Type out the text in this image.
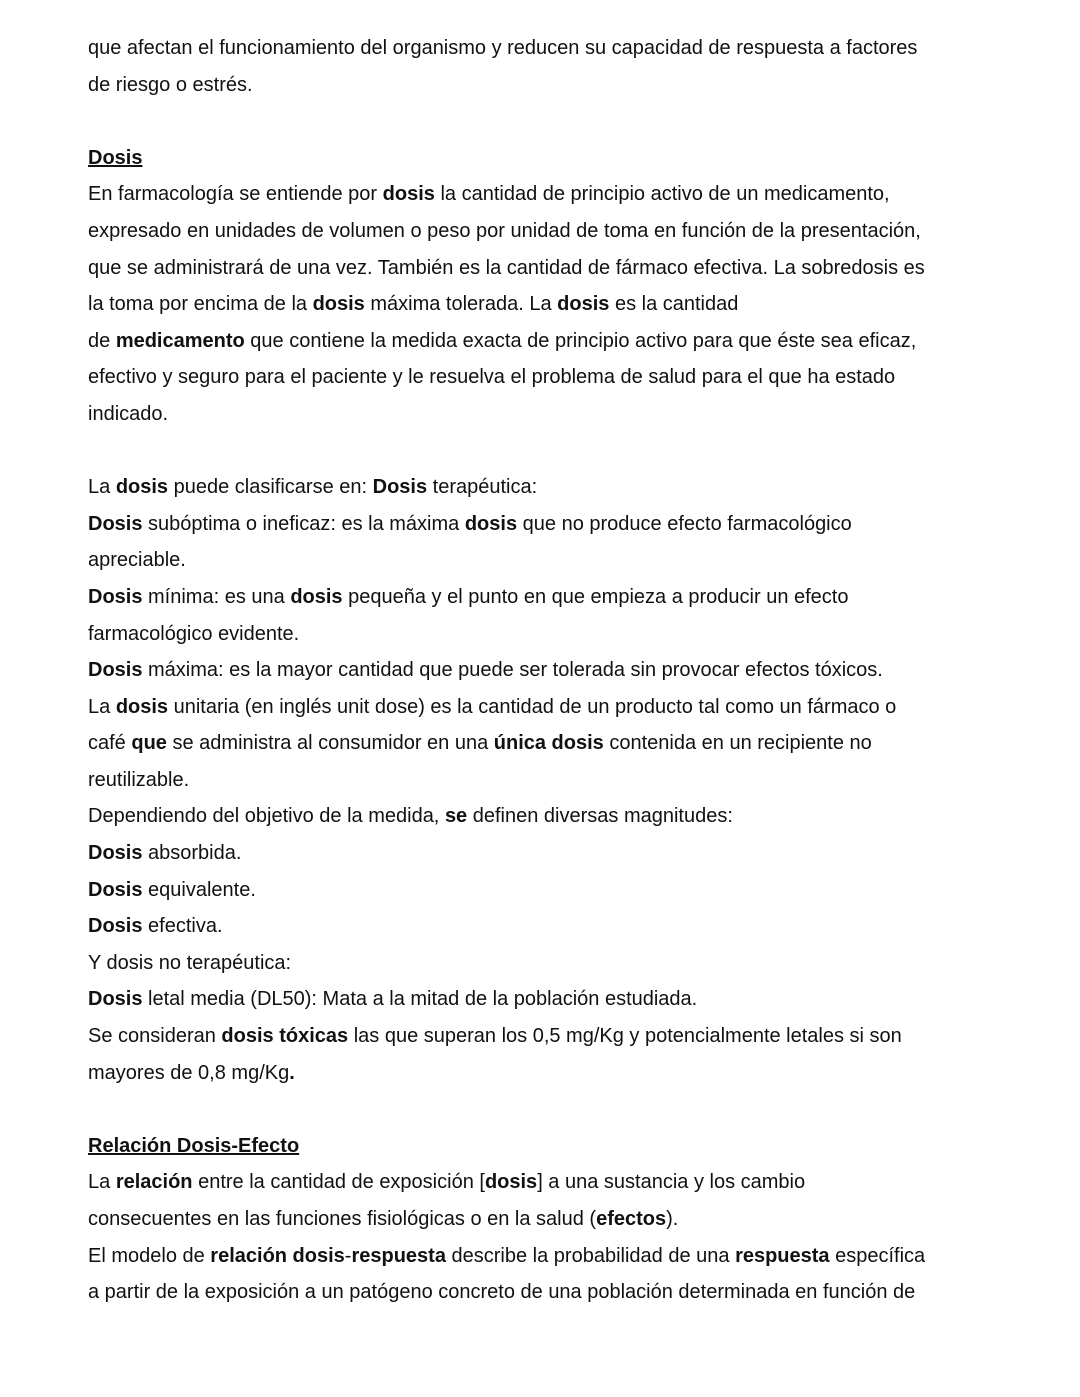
que afectan el funcionamiento del organismo y reducen su capacidad de respuesta a factores
de riesgo o estrés.
Dosis
En farmacología se entiende por dosis la cantidad de principio activo de un medicamento,
expresado en unidades de volumen o peso por unidad de toma en función de la presentación,
que se administrará de una vez. También es la cantidad de fármaco efectiva. La sobredosis es
la toma por encima de la dosis máxima tolerada. La dosis es la cantidad
de medicamento que contiene la medida exacta de principio activo para que éste sea eficaz,
efectivo y seguro para el paciente y le resuelva el problema de salud para el que ha estado
indicado.
La dosis puede clasificarse en: Dosis terapéutica:
Dosis subóptima o ineficaz: es la máxima dosis que no produce efecto farmacológico
apreciable.
Dosis mínima: es una dosis pequeña y el punto en que empieza a producir un efecto
farmacológico evidente.
Dosis máxima: es la mayor cantidad que puede ser tolerada sin provocar efectos tóxicos.
La dosis unitaria (en inglés unit dose) es la cantidad de un producto tal como un fármaco o
café que se administra al consumidor en una única dosis contenida en un recipiente no
reutilizable.
Dependiendo del objetivo de la medida, se definen diversas magnitudes:
Dosis absorbida.
Dosis equivalente.
Dosis efectiva.
Y dosis no terapéutica:
Dosis letal media (DL50): Mata a la mitad de la población estudiada.
Se consideran dosis tóxicas las que superan los 0,5 mg/Kg y potencialmente letales si son
mayores de 0,8 mg/Kg.
Relación Dosis-Efecto
La relación entre la cantidad de exposición [dosis] a una sustancia y los cambio
consecuentes en las funciones fisiológicas o en la salud (efectos).
El modelo de relación dosis-respuesta describe la probabilidad de una respuesta específica
a partir de la exposición a un patógeno concreto de una población determinada en función de
